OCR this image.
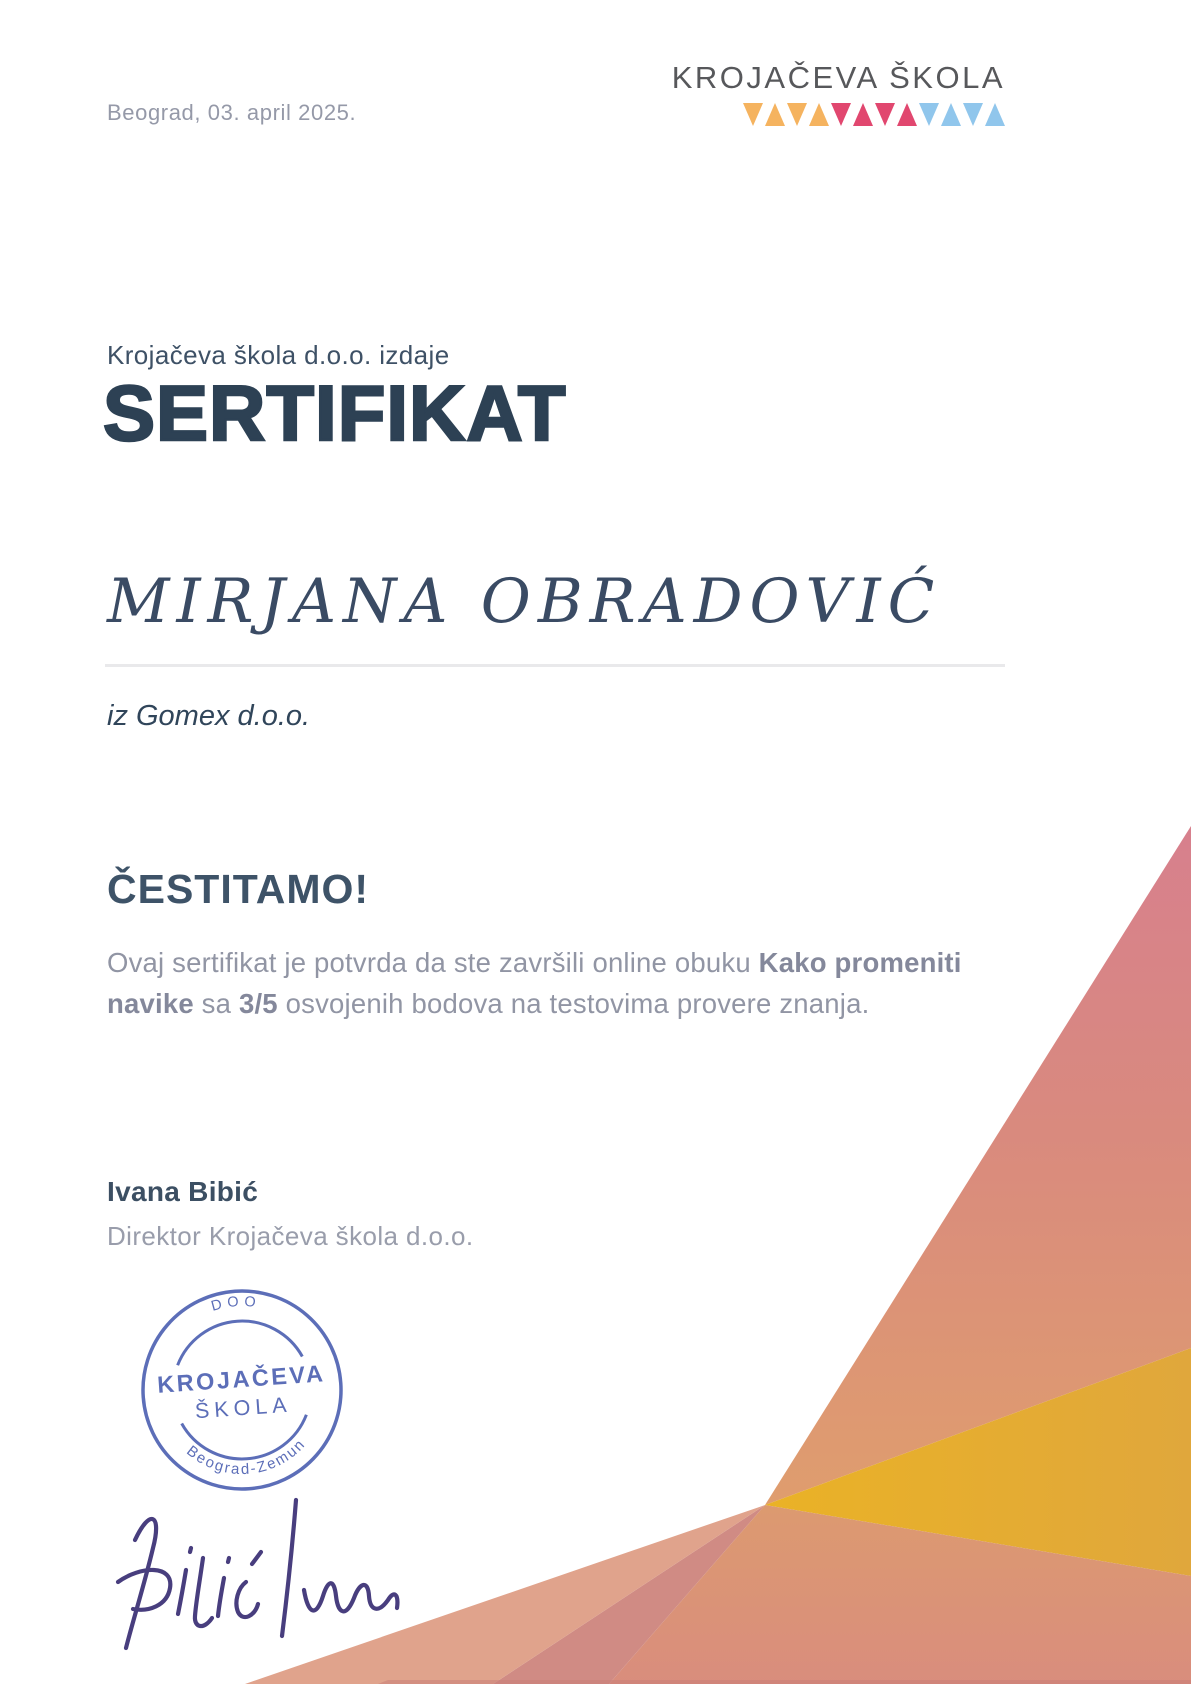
Beograd, 03. april 2025.
KROJAČEVA ŠKOLA
Krojačeva škola d.o.o. izdaje
SERTIFIKAT
MIRJANA OBRADOVIĆ
iz Gomex d.o.o.
ČESTITAMO!
Ovaj sertifikat je potvrda da ste završili online obuku Kako promeniti navike sa 3/5 osvojenih bodova na testovima provere znanja.
Ivana Bibić
Direktor Krojačeva škola d.o.o.
DOO
KROJAČEVA
ŠKOLA
Beograd-Zemun
